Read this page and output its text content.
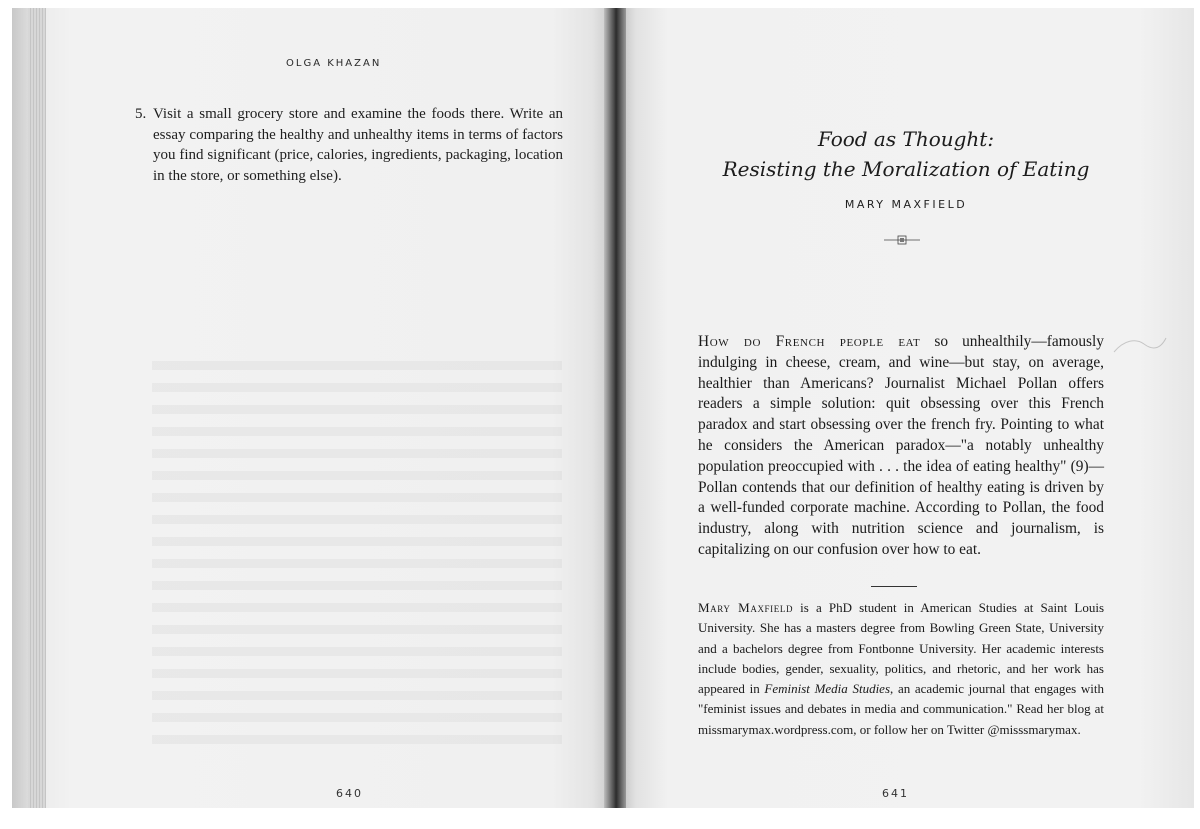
OLGA KHAZAN
5. Visit a small grocery store and examine the foods there. Write an essay comparing the healthy and unhealthy items in terms of factors you find significant (price, calories, ingredients, packaging, location in the store, or something else).
640
Food as Thought:
Resisting the Moralization of Eating
MARY MAXFIELD

How do French people eat so unhealthily—famously indulging in cheese, cream, and wine—but stay, on average, healthier than Americans? Journalist Michael Pollan offers readers a simple solution: quit obsessing over this French paradox and start obsessing over the french fry. Pointing to what he considers the American paradox—"a notably unhealthy population preoccupied with . . . the idea of eating healthy" (9)—Pollan contends that our definition of healthy eating is driven by a well-funded corporate machine. According to Pollan, the food industry, along with nutrition science and journalism, is capitalizing on our confusion over how to eat.

Mary Maxfield is a PhD student in American Studies at Saint Louis University. She has a masters degree from Bowling Green State, University and a bachelors degree from Fontbonne University. Her academic interests include bodies, gender, sexuality, politics, and rhetoric, and her work has appeared in Feminist Media Studies, an academic journal that engages with "feminist issues and debates in media and communication." Read her blog at missmarymax.wordpress.com, or follow her on Twitter @misssmarymax.

641
